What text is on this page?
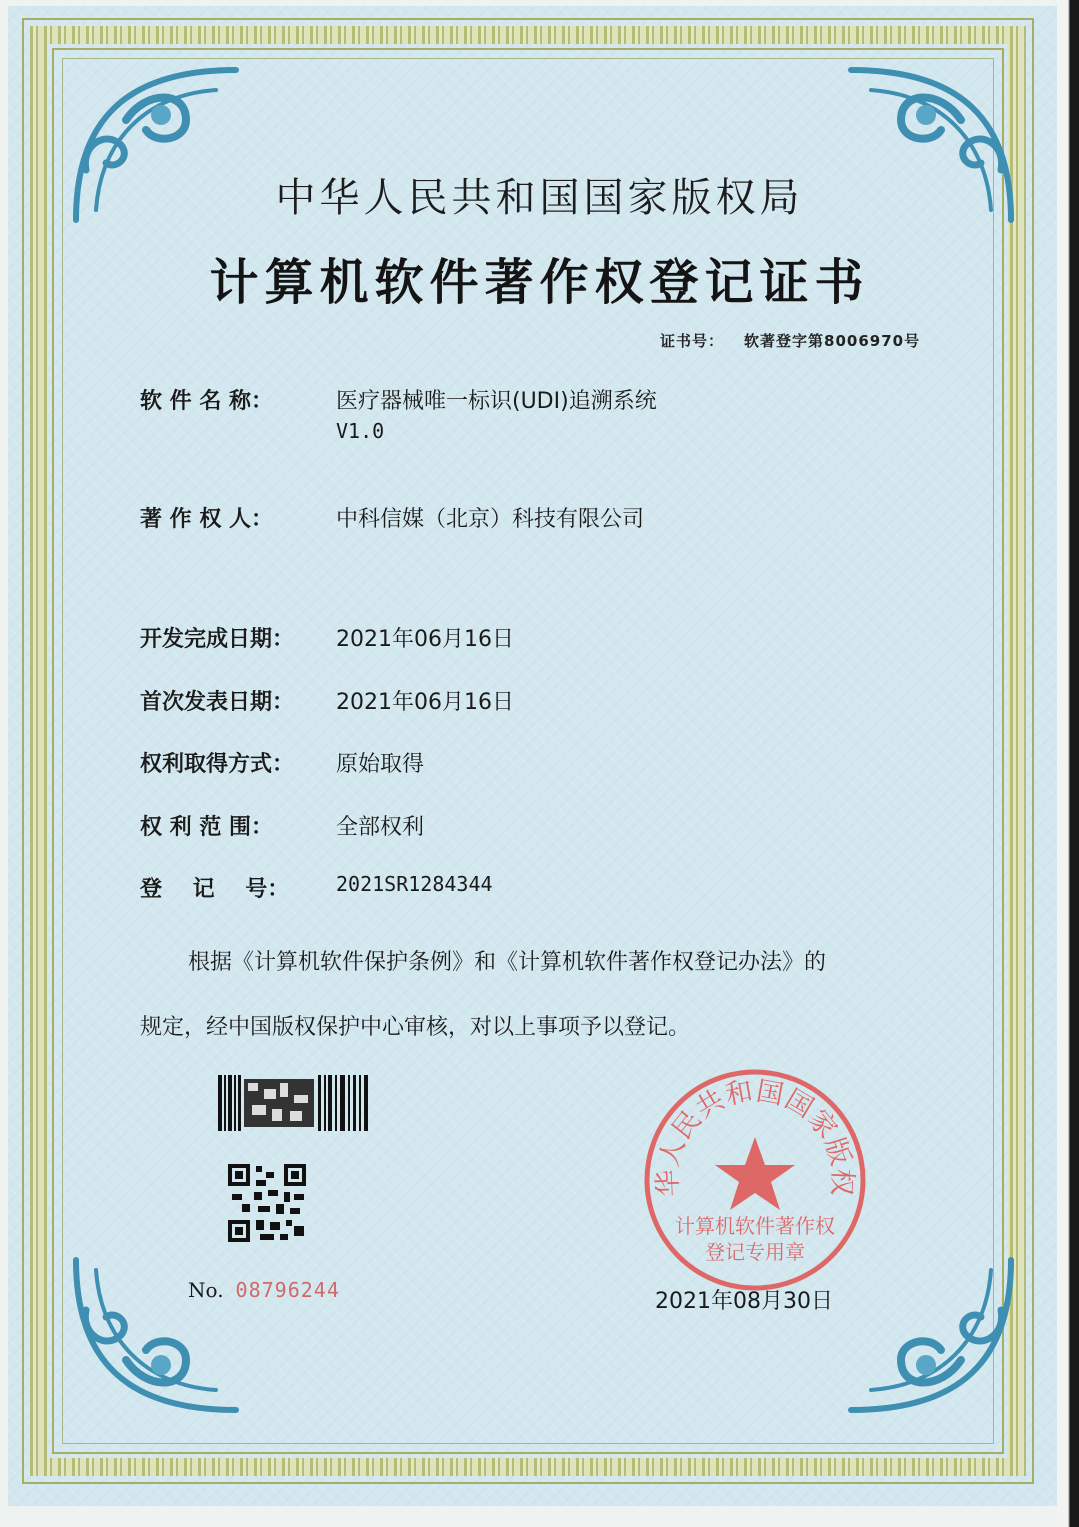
中华人民共和国国家版权局
计算机软件著作权登记证书
证书号： 软著登字第8006970号
软 件 名 称：	医疗器械唯一标识(UDI)追溯系统
V1.0
著 作 权 人：	中科信媒（北京）科技有限公司
开发完成日期： 2021年06月16日
首次发表日期： 2021年06月16日
权利取得方式： 原始取得
权 利 范 围：	全部权利
登    记    号： 2021SR1284344
根据《计算机软件保护条例》和《计算机软件著作权登记办法》的
规定，经中国版权保护中心审核，对以上事项予以登记。
No. 08796244
华人民共和国国家版权
计算机软件著作权
登记专用章
2021年08月30日
